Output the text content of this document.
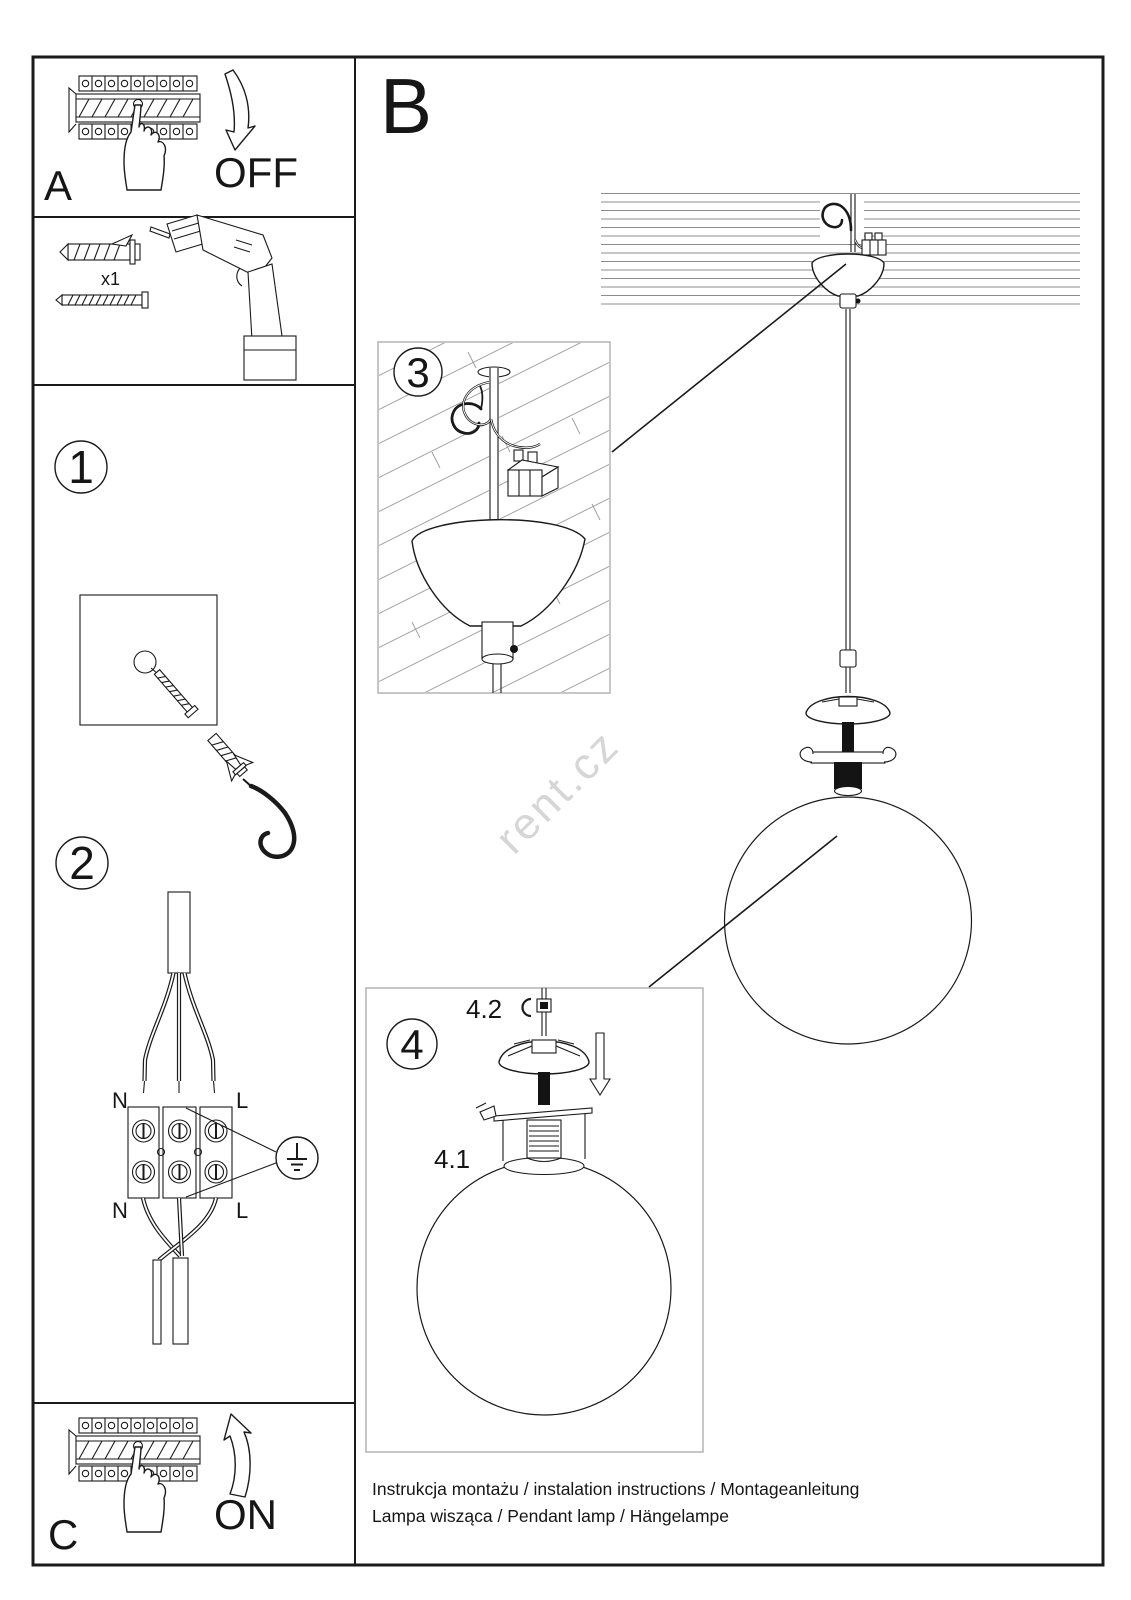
rent.cz
A	OFF
x1
1
2
N	L
N	L
C	ON
B
3
4
4.2
4.1
Instrukcja montażu / instalation instructions / Montageanleitung
Lampa wisząca / Pendant lamp / Hängelampe
